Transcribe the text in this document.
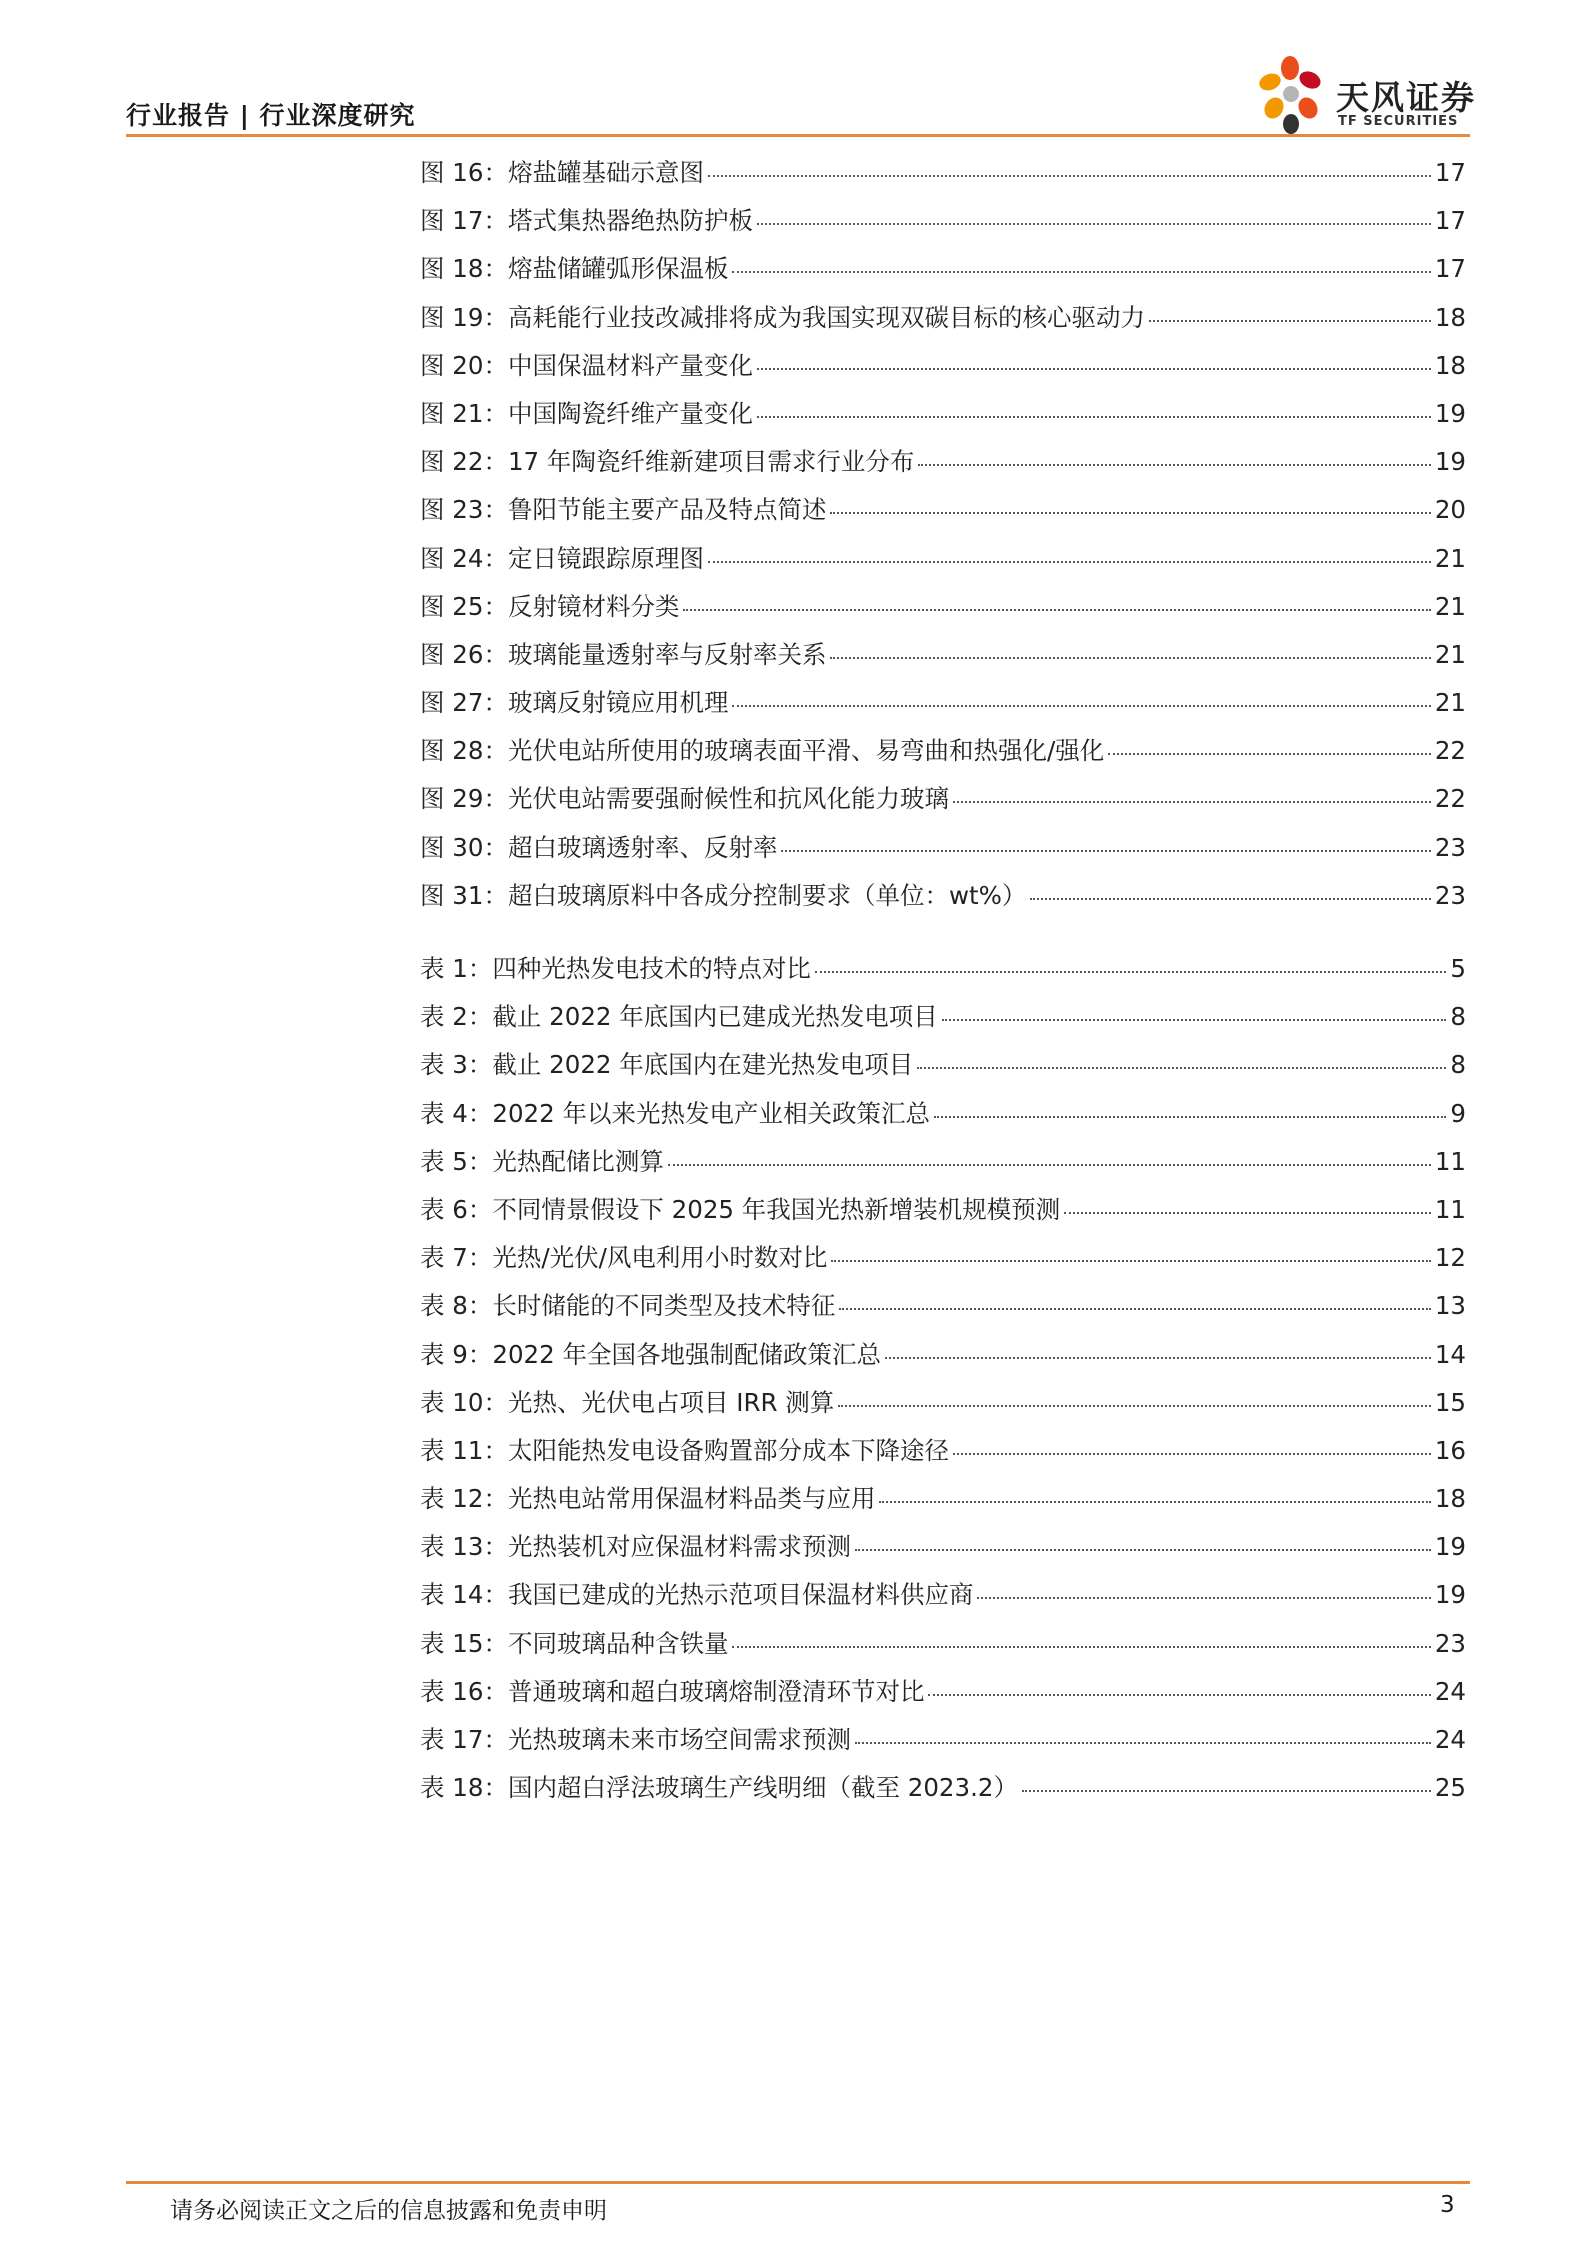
行业报告 | 行业深度研究	天风证券
TF SECURITIES
图 16：熔盐罐基础示意图	17
图 17：塔式集热器绝热防护板	17
图 18：熔盐储罐弧形保温板	17
图 19：高耗能行业技改减排将成为我国实现双碳目标的核心驱动力	18
图 20：中国保温材料产量变化	18
图 21：中国陶瓷纤维产量变化	19
图 22：17 年陶瓷纤维新建项目需求行业分布	19
图 23：鲁阳节能主要产品及特点简述	20
图 24：定日镜跟踪原理图	21
图 25：反射镜材料分类	21
图 26：玻璃能量透射率与反射率关系	21
图 27：玻璃反射镜应用机理	21
图 28：光伏电站所使用的玻璃表面平滑、易弯曲和热强化/强化	22
图 29：光伏电站需要强耐候性和抗风化能力玻璃	22
图 30：超白玻璃透射率、反射率	23
图 31：超白玻璃原料中各成分控制要求（单位：wt%）	23
表 1：四种光热发电技术的特点对比	5
表 2：截止 2022 年底国内已建成光热发电项目	8
表 3：截止 2022 年底国内在建光热发电项目	8
表 4：2022 年以来光热发电产业相关政策汇总	9
表 5：光热配储比测算	11
表 6：不同情景假设下 2025 年我国光热新增装机规模预测	11
表 7：光热/光伏/风电利用小时数对比	12
表 8：长时储能的不同类型及技术特征	13
表 9：2022 年全国各地强制配储政策汇总	14
表 10：光热、光伏电占项目 IRR 测算	15
表 11：太阳能热发电设备购置部分成本下降途径	16
表 12：光热电站常用保温材料品类与应用	18
表 13：光热装机对应保温材料需求预测	19
表 14：我国已建成的光热示范项目保温材料供应商	19
表 15：不同玻璃品种含铁量	23
表 16：普通玻璃和超白玻璃熔制澄清环节对比	24
表 17：光热玻璃未来市场空间需求预测	24
表 18：国内超白浮法玻璃生产线明细（截至 2023.2）	25
请务必阅读正文之后的信息披露和免责申明	3
